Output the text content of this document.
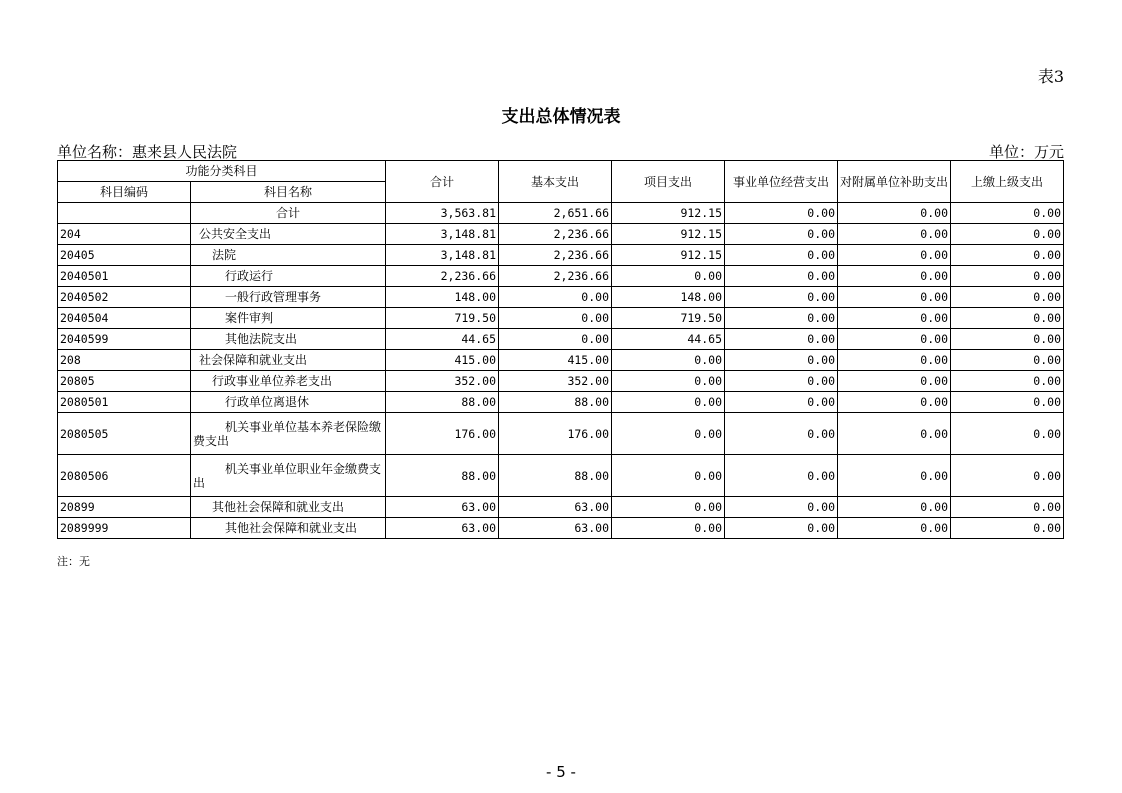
表3
支出总体情况表
单位名称：惠来县人民法院	单位：万元
功能分类科目		合计	基本支出	项目支出	事业单位经营支出	对附属单位补助支出	上缴上级支出
科目编码	科目名称						
	合计	3,563.81	2,651.66	912.15	0.00	0.00	0.00
204	公共安全支出	3,148.81	2,236.66	912.15	0.00	0.00	0.00
20405	法院	3,148.81	2,236.66	912.15	0.00	0.00	0.00
2040501	行政运行	2,236.66	2,236.66	0.00	0.00	0.00	0.00
2040502	一般行政管理事务	148.00	0.00	148.00	0.00	0.00	0.00
2040504	案件审判	719.50	0.00	719.50	0.00	0.00	0.00
2040599	其他法院支出	44.65	0.00	44.65	0.00	0.00	0.00
208	社会保障和就业支出	415.00	415.00	0.00	0.00	0.00	0.00
20805	行政事业单位养老支出	352.00	352.00	0.00	0.00	0.00	0.00
2080501	行政单位离退休	88.00	88.00	0.00	0.00	0.00	0.00
2080505	机关事业单位基本养老保险缴费支出	176.00	176.00	0.00	0.00	0.00	0.00
2080506	机关事业单位职业年金缴费支出	88.00	88.00	0.00	0.00	0.00	0.00
20899	其他社会保障和就业支出	63.00	63.00	0.00	0.00	0.00	0.00
2089999	其他社会保障和就业支出	63.00	63.00	0.00	0.00	0.00	0.00
注：无
- 5 -
